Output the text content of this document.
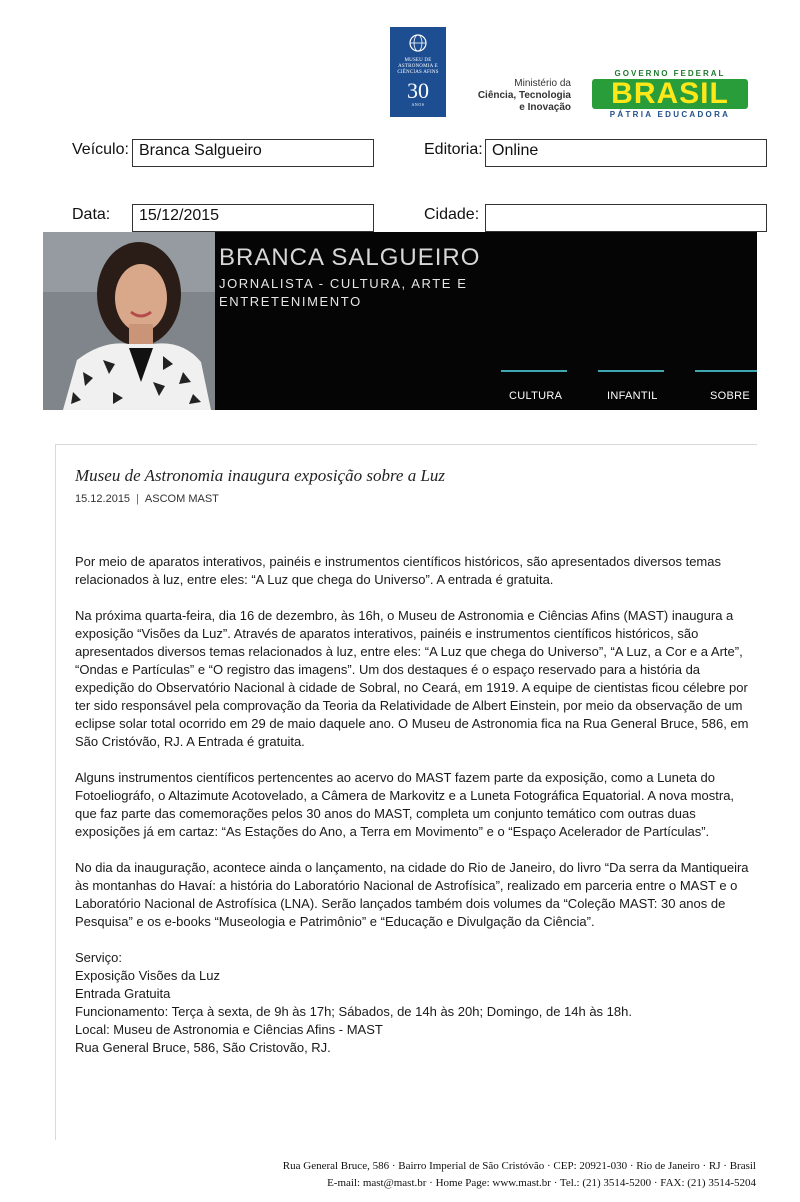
MUSEU DE ASTRONOMIA E CIÊNCIAS AFINS
30
ANOS
Ministério da
Ciência, Tecnologia
e Inovação
GOVERNO FEDERAL
BRASIL
PÁTRIA EDUCADORA
Veículo: Branca Salgueiro	Editoria: Online
Data:	15/12/2015	Cidade:
BRANCA SALGUEIRO
JORNALISTA - CULTURA, ARTE E ENTRETENIMENTO
CULTURA	INFANTIL	SOBRE
Museu de Astronomia inaugura exposição sobre a Luz
15.12.2015 | ASCOM MAST

Por meio de aparatos interativos, painéis e instrumentos científicos históricos, são apresentados diversos temas relacionados à luz, entre eles: “A Luz que chega do Universo”. A entrada é gratuita.

Na próxima quarta-feira, dia 16 de dezembro, às 16h, o Museu de Astronomia e Ciências Afins (MAST) inaugura a exposição “Visões da Luz”. Através de aparatos interativos, painéis e instrumentos científicos históricos, são apresentados diversos temas relacionados à luz, entre eles: “A Luz que chega do Universo”, “A Luz, a Cor e a Arte”, “Ondas e Partículas” e “O registro das imagens”. Um dos destaques é o espaço reservado para a história da expedição do Observatório Nacional à cidade de Sobral, no Ceará, em 1919. A equipe de cientistas ficou célebre por ter sido responsável pela comprovação da Teoria da Relatividade de Albert Einstein, por meio da observação de um eclipse solar total ocorrido em 29 de maio daquele ano. O Museu de Astronomia fica na Rua General Bruce, 586, em São Cristóvão, RJ. A Entrada é gratuita.

Alguns instrumentos científicos pertencentes ao acervo do MAST fazem parte da exposição, como a Luneta do Fotoeliográfo, o Altazimute Acotovelado, a Câmera de Markovitz e a Luneta Fotográfica Equatorial. A nova mostra, que faz parte das comemorações pelos 30 anos do MAST, completa um conjunto temático com outras duas exposições já em cartaz: “As Estações do Ano, a Terra em Movimento” e o “Espaço Acelerador de Partículas”.

No dia da inauguração, acontece ainda o lançamento, na cidade do Rio de Janeiro, do livro “Da serra da Mantiqueira às montanhas do Havaí: a história do Laboratório Nacional de Astrofísica”, realizado em parceria entre o MAST e o Laboratório Nacional de Astrofísica (LNA). Serão lançados também dois volumes da “Coleção MAST: 30 anos de Pesquisa” e os e-books “Museologia e Patrimônio” e “Educação e Divulgação da Ciência”.

Serviço:
Exposição Visões da Luz
Entrada Gratuita
Funcionamento: Terça à sexta, de 9h às 17h; Sábados, de 14h às 20h; Domingo, de 14h às 18h.
Local: Museu de Astronomia e Ciências Afins - MAST
Rua General Bruce, 586, São Cristovão, RJ.
Rua General Bruce, 586 · Bairro Imperial de São Cristóvão · CEP: 20921-030 · Rio de Janeiro · RJ · Brasil
E-mail: mast@mast.br · Home Page: www.mast.br · Tel.: (21) 3514-5200 · FAX: (21) 3514-5204
